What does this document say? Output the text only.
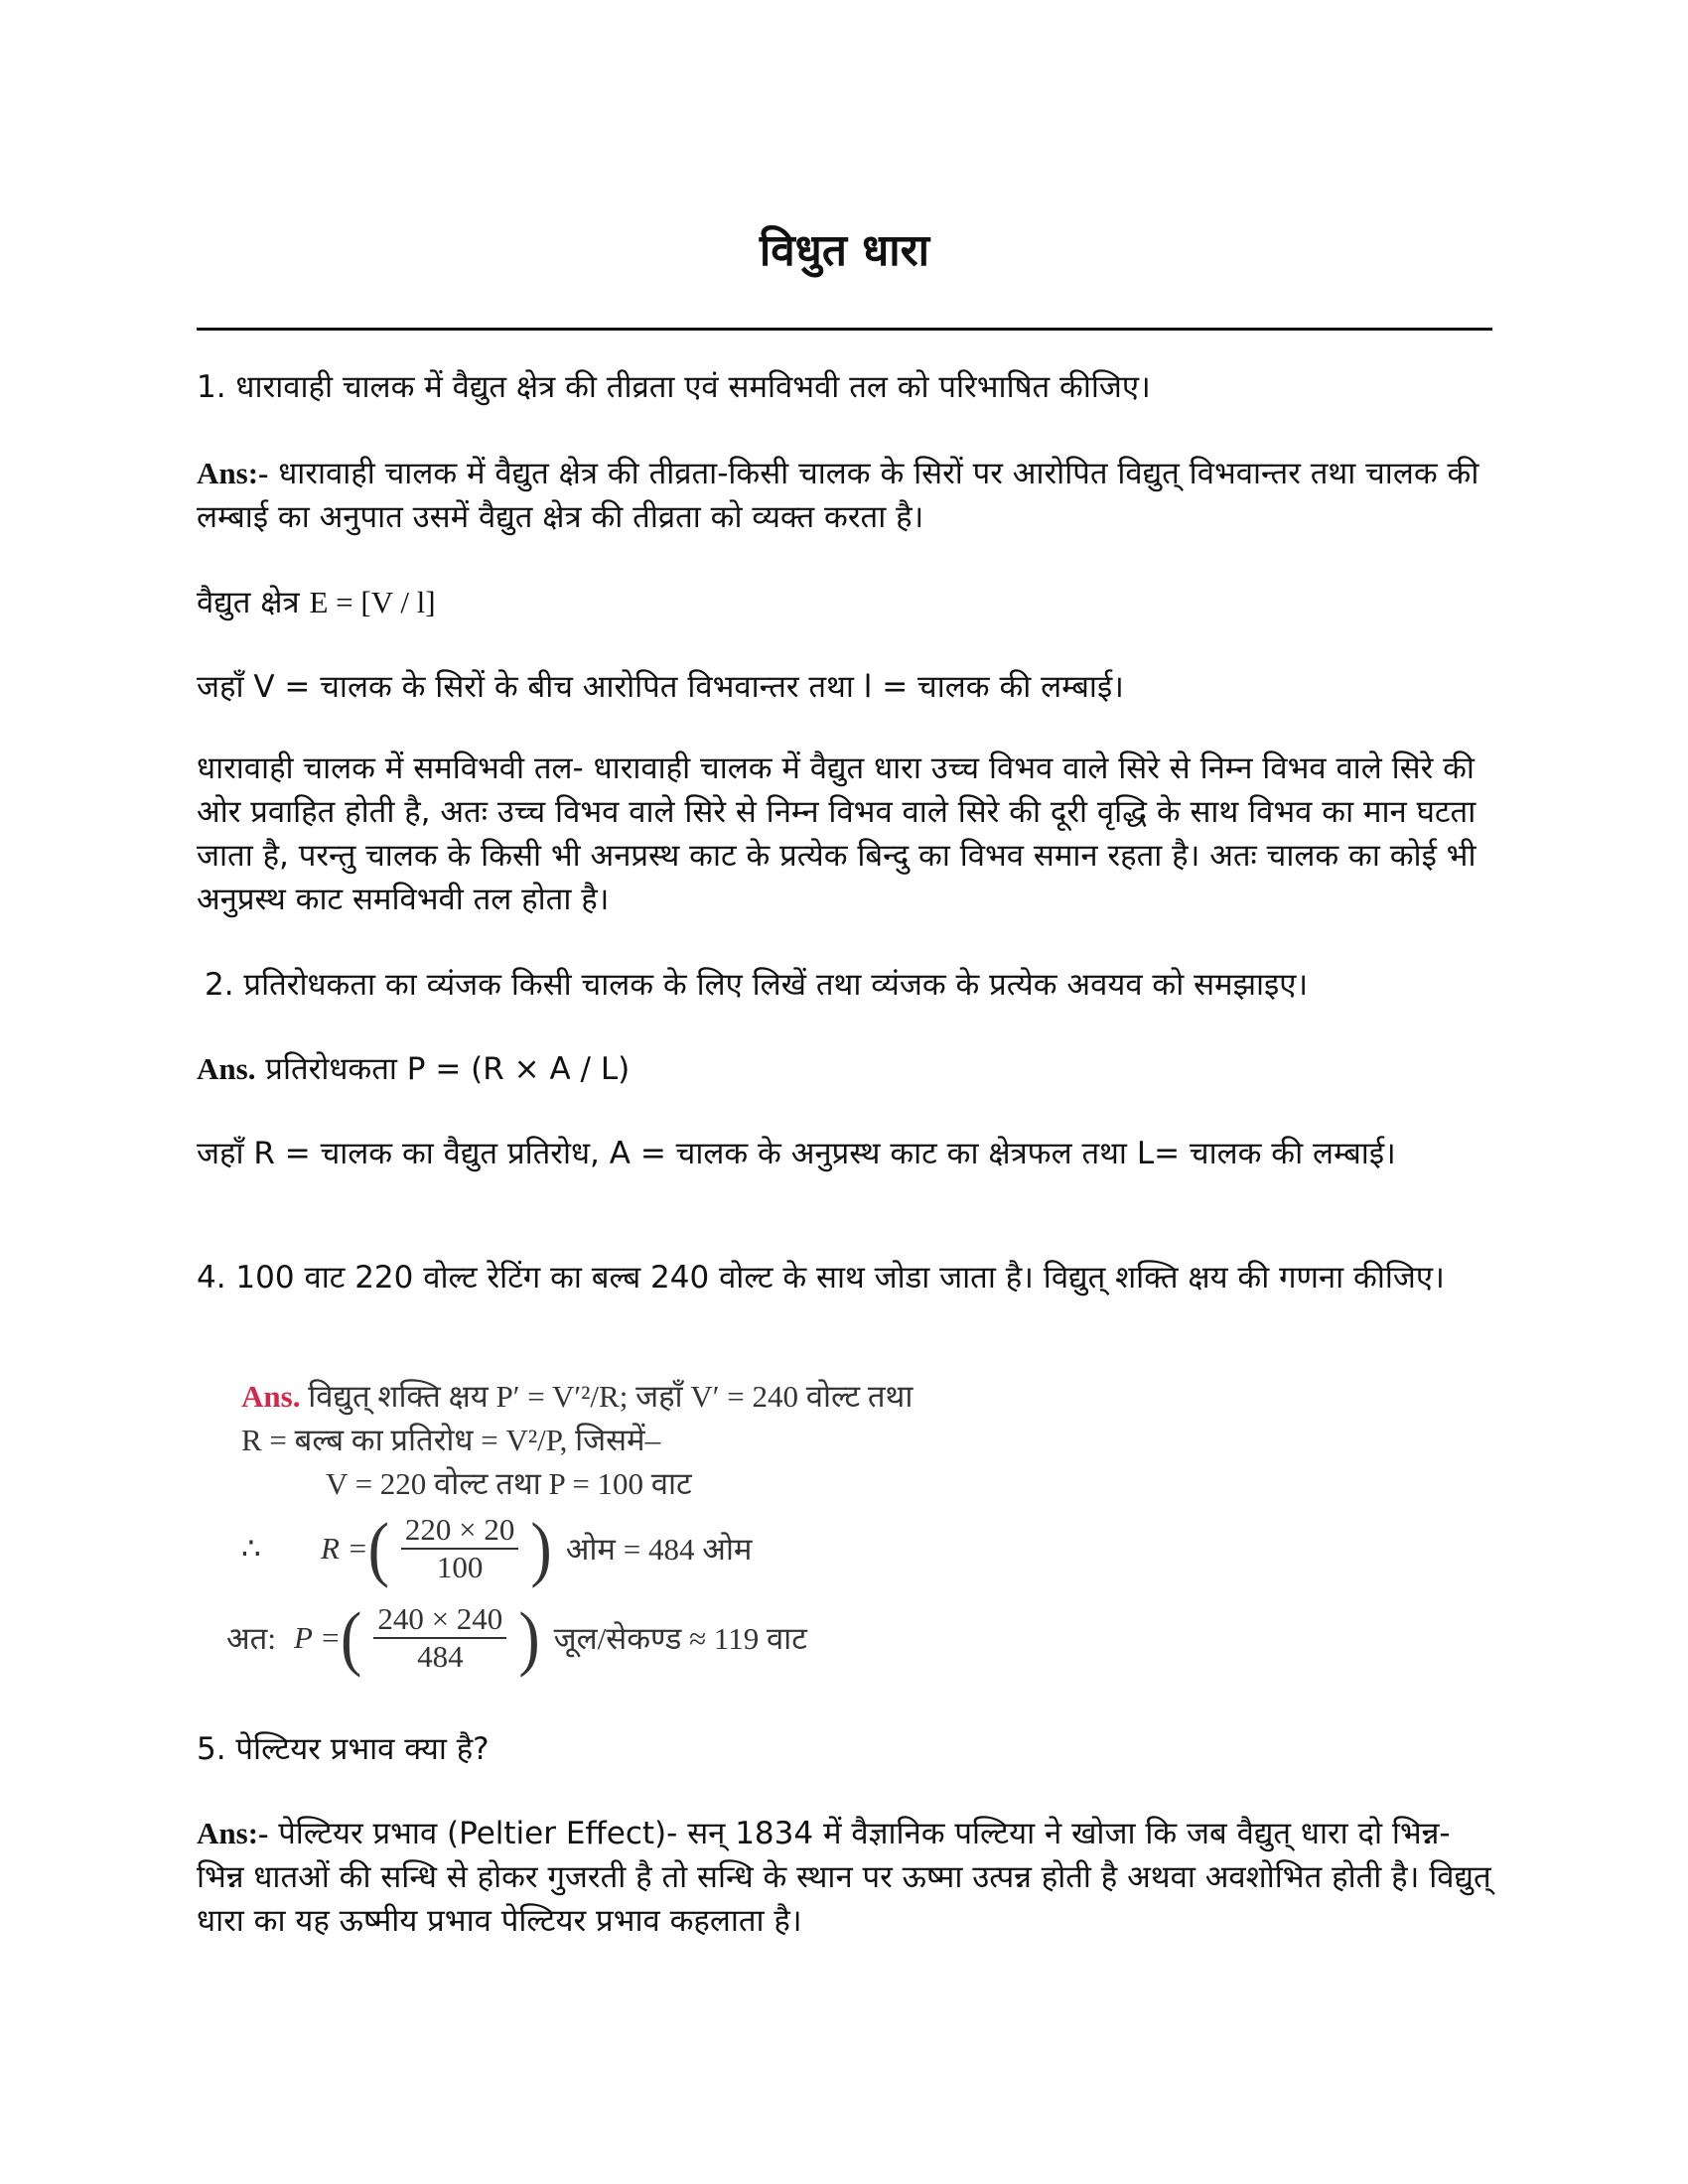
विधुत धारा

1. धारावाही चालक में वैद्युत क्षेत्र की तीव्रता एवं समविभवी तल को परिभाषित कीजिए।

Ans:- धारावाही चालक में वैद्युत क्षेत्र की तीव्रता-किसी चालक के सिरों पर आरोपित विद्युत् विभवान्तर तथा चालक की लम्बाई का अनुपात उसमें वैद्युत क्षेत्र की तीव्रता को व्यक्त करता है।

वैद्युत क्षेत्र E = [V / l]

जहाँ V = चालक के सिरों के बीच आरोपित विभवान्तर तथा l = चालक की लम्बाई।

धारावाही चालक में समविभवी तल- धारावाही चालक में वैद्युत धारा उच्च विभव वाले सिरे से निम्न विभव वाले सिरे की ओर प्रवाहित होती है, अतः उच्च विभव वाले सिरे से निम्न विभव वाले सिरे की दूरी वृद्धि के साथ विभव का मान घटता जाता है, परन्तु चालक के किसी भी अनप्रस्थ काट के प्रत्येक बिन्दु का विभव समान रहता है। अतः चालक का कोई भी अनुप्रस्थ काट समविभवी तल होता है।

2. प्रतिरोधकता का व्यंजक किसी चालक के लिए लिखें तथा व्यंजक के प्रत्येक अवयव को समझाइए।

Ans. प्रतिरोधकता P = (R × A / L)

जहाँ R = चालक का वैद्युत प्रतिरोध, A = चालक के अनुप्रस्थ काट का क्षेत्रफल तथा L= चालक की लम्बाई।

4. 100 वाट 220 वोल्ट रेटिंग का बल्ब 240 वोल्ट के साथ जोडा जाता है। विद्युत् शक्ति क्षय की गणना कीजिए।

Ans. विद्युत् शक्ति क्षय P′ = V′²/R; जहाँ V′ = 240 वोल्ट तथा
R = बल्ब का प्रतिरोध = V²/P, जिसमें–
V = 220 वोल्ट तथा P = 100 वाट
∴	R = ( $\frac{220 \times 20}{100}$ ) ओम = 484 ओम
अत: P = ( $\frac{240 \times 240}{484}$ ) जूल/सेकण्ड ≈ 119 वाट

5. पेल्टियर प्रभाव क्या है?

Ans:- पेल्टियर प्रभाव (Peltier Effect)- सन् 1834 में वैज्ञानिक पल्टिया ने खोजा कि जब वैद्युत् धारा दो भिन्न-भिन्न धातओं की सन्धि से होकर गुजरती है तो सन्धि के स्थान पर ऊष्मा उत्पन्न होती है अथवा अवशोभित होती है। विद्युत् धारा का यह ऊष्मीय प्रभाव पेल्टियर प्रभाव कहलाता है।
